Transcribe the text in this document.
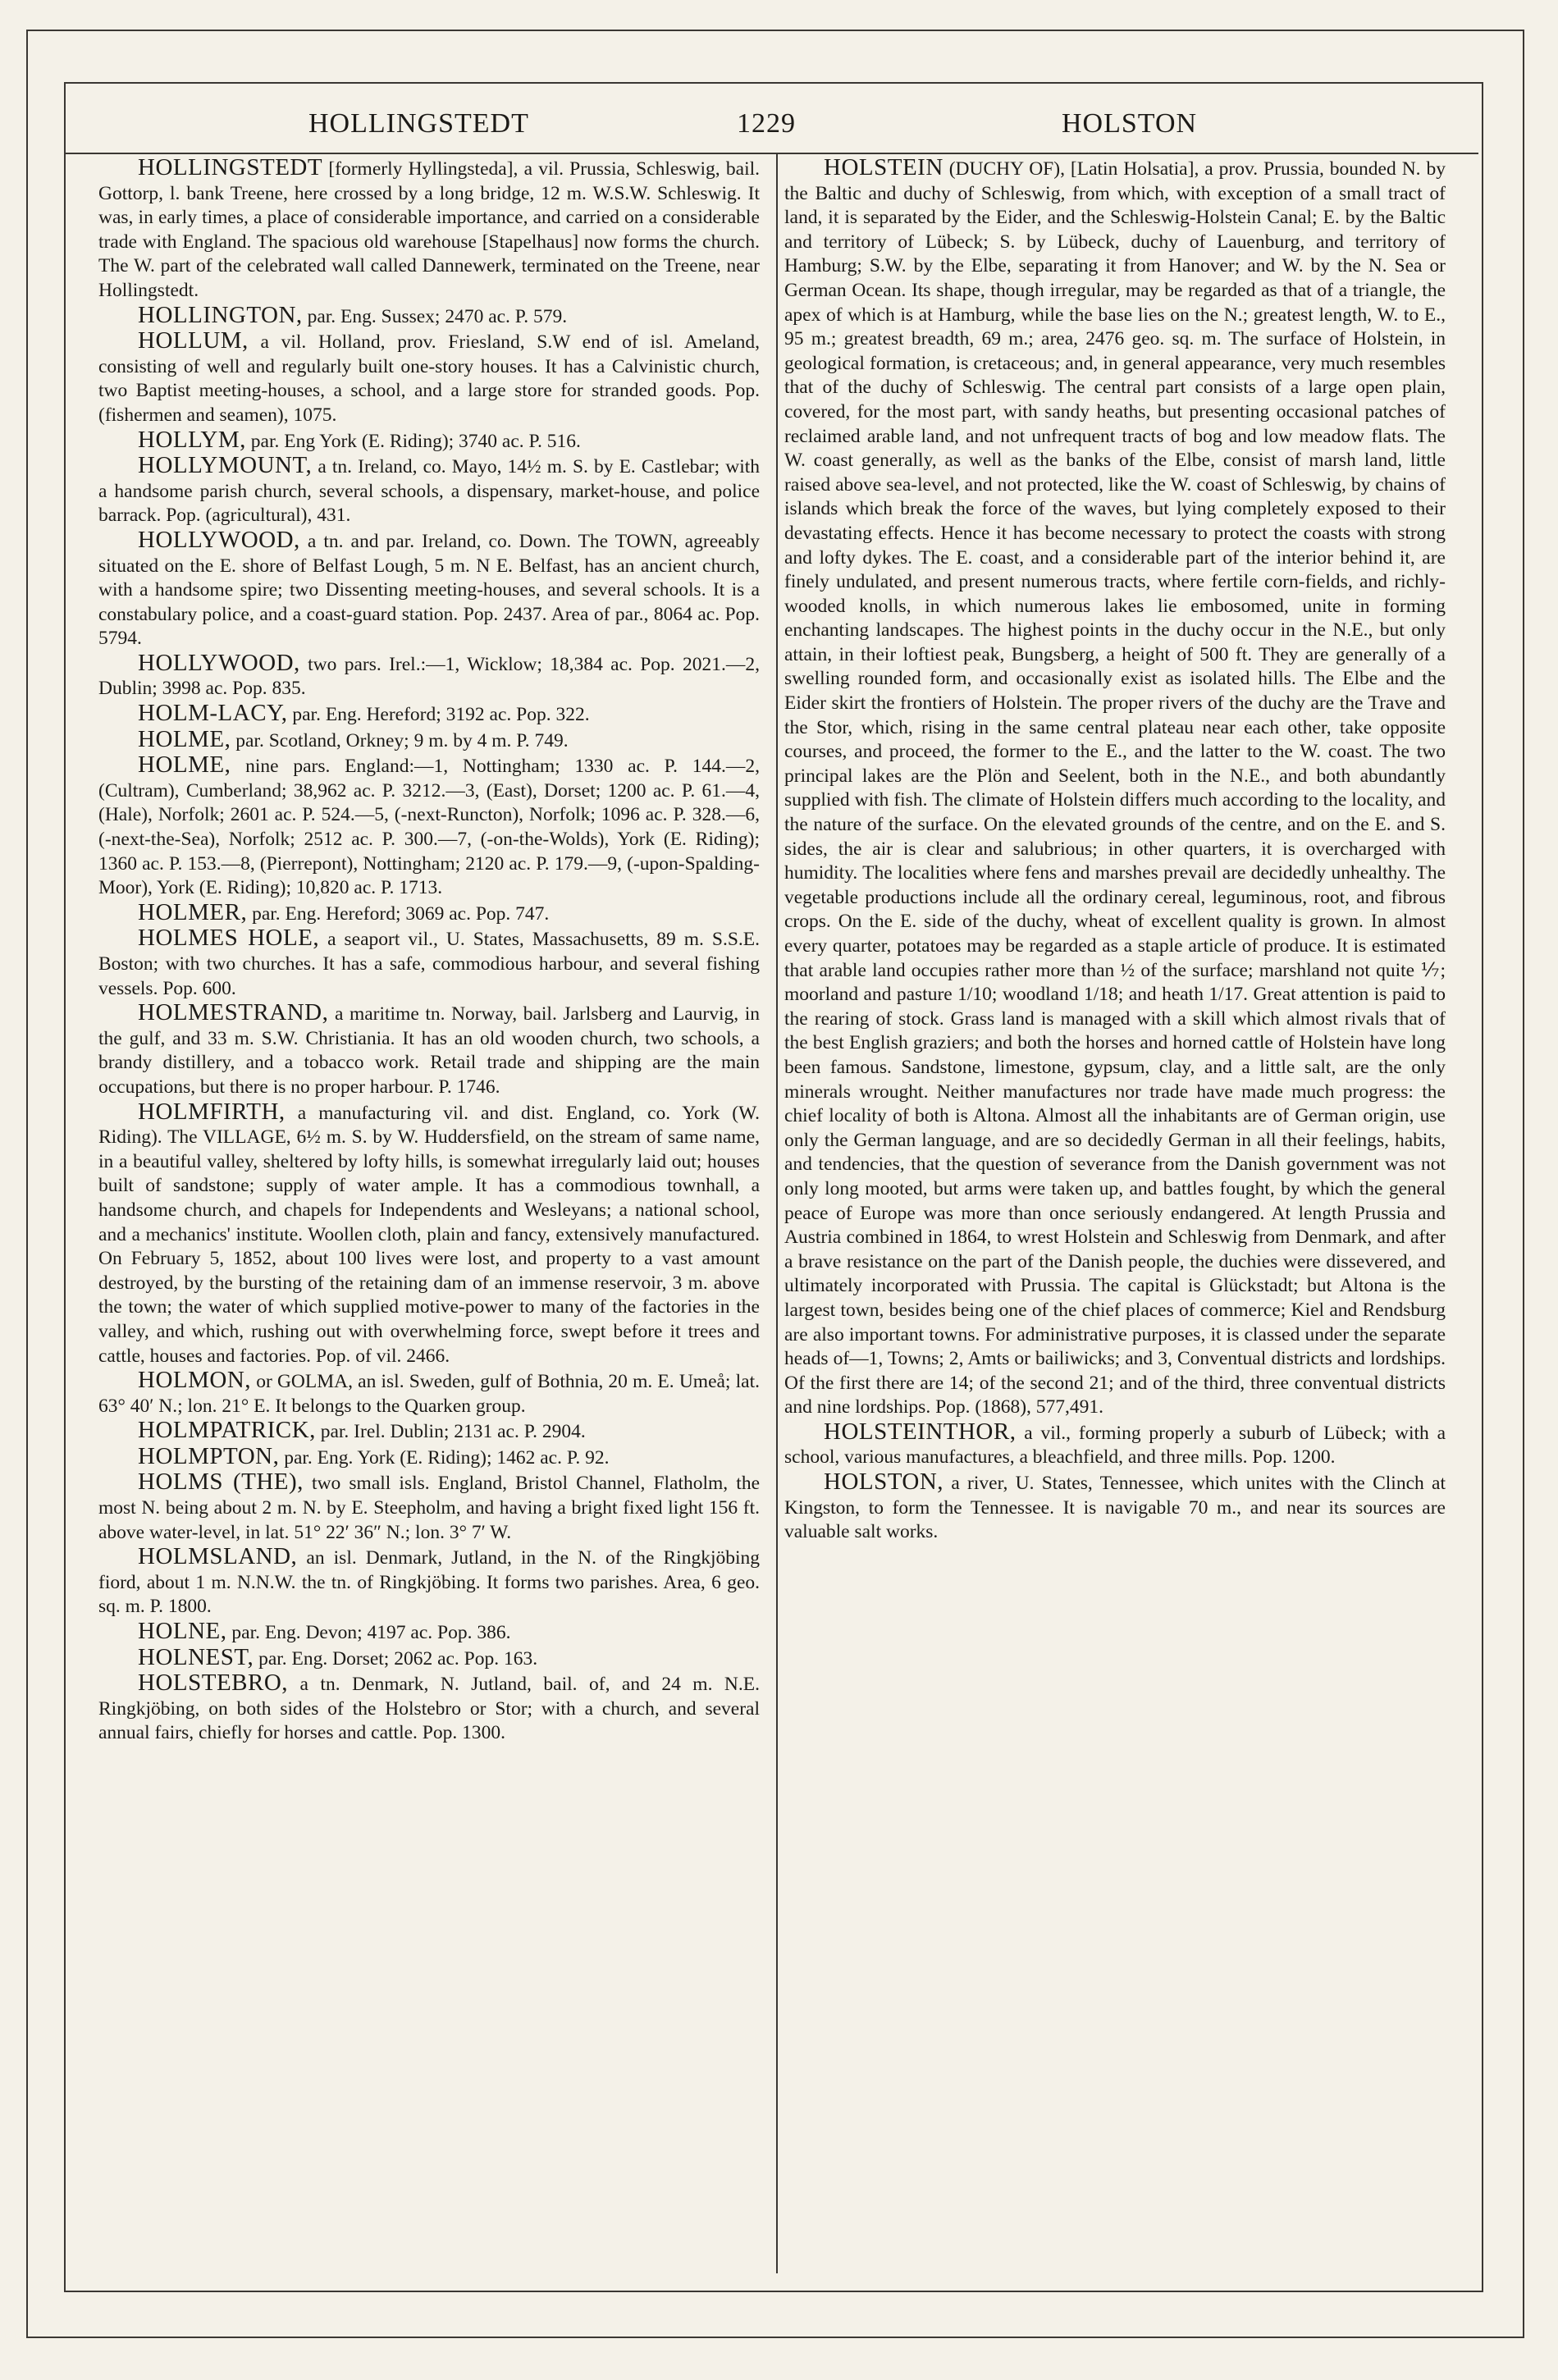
HOLLINGSTEDT	1229	HOLSTON

HOLLINGSTEDT [formerly Hyllingsteda], a vil. Prussia, Schleswig, bail. Gottorp, l. bank Treene, here crossed by a long bridge, 12 m. W.S.W. Schleswig. It was, in early times, a place of considerable importance, and carried on a considerable trade with England. The spacious old warehouse [Stapelhaus] now forms the church. The W. part of the celebrated wall called Dannewerk, terminated on the Treene, near Hollingstedt.

HOLLINGTON, par. Eng. Sussex; 2470 ac. P. 579.

HOLLUM, a vil. Holland, prov. Friesland, S.W end of isl. Ameland, consisting of well and regularly built one-story houses. It has a Calvinistic church, two Baptist meeting-houses, a school, and a large store for stranded goods. Pop. (fishermen and seamen), 1075.

HOLLYM, par. Eng York (E. Riding); 3740 ac. P. 516.

HOLLYMOUNT, a tn. Ireland, co. Mayo, 14½ m. S. by E. Castlebar; with a handsome parish church, several schools, a dispensary, market-house, and police barrack. Pop. (agricultural), 431.

HOLLYWOOD, a tn. and par. Ireland, co. Down. The TOWN, agreeably situated on the E. shore of Belfast Lough, 5 m. N E. Belfast, has an ancient church, with a handsome spire; two Dissenting meeting-houses, and several schools. It is a constabulary police, and a coast-guard station. Pop. 2437. Area of par., 8064 ac. Pop. 5794.

HOLLYWOOD, two pars. Irel.:—1, Wicklow; 18,384 ac. Pop. 2021.—2, Dublin; 3998 ac. Pop. 835.

HOLM-LACY, par. Eng. Hereford; 3192 ac. Pop. 322.

HOLME, par. Scotland, Orkney; 9 m. by 4 m. P. 749.

HOLME, nine pars. England:—1, Nottingham; 1330 ac. P. 144.—2, (Cultram), Cumberland; 38,962 ac. P. 3212.—3, (East), Dorset; 1200 ac. P. 61.—4, (Hale), Norfolk; 2601 ac. P. 524.—5, (-next-Runcton), Norfolk; 1096 ac. P. 328.—6, (-next-the-Sea), Norfolk; 2512 ac. P. 300.—7, (-on-the-Wolds), York (E. Riding); 1360 ac. P. 153.—8, (Pierrepont), Nottingham; 2120 ac. P. 179.—9, (-upon-Spalding-Moor), York (E. Riding); 10,820 ac. P. 1713.

HOLMER, par. Eng. Hereford; 3069 ac. Pop. 747.

HOLMES HOLE, a seaport vil., U. States, Massachusetts, 89 m. S.S.E. Boston; with two churches. It has a safe, commodious harbour, and several fishing vessels. Pop. 600.

HOLMESTRAND, a maritime tn. Norway, bail. Jarlsberg and Laurvig, in the gulf, and 33 m. S.W. Christiania. It has an old wooden church, two schools, a brandy distillery, and a tobacco work. Retail trade and shipping are the main occupations, but there is no proper harbour. P. 1746.

HOLMFIRTH, a manufacturing vil. and dist. England, co. York (W. Riding). The VILLAGE, 6½ m. S. by W. Huddersfield, on the stream of same name, in a beautiful valley, sheltered by lofty hills, is somewhat irregularly laid out; houses built of sandstone; supply of water ample. It has a commodious townhall, a handsome church, and chapels for Independents and Wesleyans; a national school, and a mechanics' institute. Woollen cloth, plain and fancy, extensively manufactured. On February 5, 1852, about 100 lives were lost, and property to a vast amount destroyed, by the bursting of the retaining dam of an immense reservoir, 3 m. above the town; the water of which supplied motive-power to many of the factories in the valley, and which, rushing out with overwhelming force, swept before it trees and cattle, houses and factories. Pop. of vil. 2466.

HOLMON, or GOLMA, an isl. Sweden, gulf of Bothnia, 20 m. E. Umeå; lat. 63° 40′ N.; lon. 21° E. It belongs to the Quarken group.

HOLMPATRICK, par. Irel. Dublin; 2131 ac. P. 2904.

HOLMPTON, par. Eng. York (E. Riding); 1462 ac. P. 92.

HOLMS (THE), two small isls. England, Bristol Channel, Flatholm, the most N. being about 2 m. N. by E. Steepholm, and having a bright fixed light 156 ft. above water-level, in lat. 51° 22′ 36″ N.; lon. 3° 7′ W.

HOLMSLAND, an isl. Denmark, Jutland, in the N. of the Ringkjöbing fiord, about 1 m. N.N.W. the tn. of Ringkjöbing. It forms two parishes. Area, 6 geo. sq. m. P. 1800.

HOLNE, par. Eng. Devon; 4197 ac. Pop. 386.

HOLNEST, par. Eng. Dorset; 2062 ac. Pop. 163.

HOLSTEBRO, a tn. Denmark, N. Jutland, bail. of, and 24 m. N.E. Ringkjöbing, on both sides of the Holstebro or Stor; with a church, and several annual fairs, chiefly for horses and cattle. Pop. 1300.

HOLSTEIN (DUCHY OF), [Latin Holsatia], a prov. Prussia, bounded N. by the Baltic and duchy of Schleswig, from which, with exception of a small tract of land, it is separated by the Eider, and the Schleswig-Holstein Canal; E. by the Baltic and territory of Lübeck; S. by Lübeck, duchy of Lauenburg, and territory of Hamburg; S.W. by the Elbe, separating it from Hanover; and W. by the N. Sea or German Ocean. Its shape, though irregular, may be regarded as that of a triangle, the apex of which is at Hamburg, while the base lies on the N.; greatest length, W. to E., 95 m.; greatest breadth, 69 m.; area, 2476 geo. sq. m. The surface of Holstein, in geological formation, is cretaceous; and, in general appearance, very much resembles that of the duchy of Schleswig. The central part consists of a large open plain, covered, for the most part, with sandy heaths, but presenting occasional patches of reclaimed arable land, and not unfrequent tracts of bog and low meadow flats. The W. coast generally, as well as the banks of the Elbe, consist of marsh land, little raised above sea-level, and not protected, like the W. coast of Schleswig, by chains of islands which break the force of the waves, but lying completely exposed to their devastating effects. Hence it has become necessary to protect the coasts with strong and lofty dykes. The E. coast, and a considerable part of the interior behind it, are finely undulated, and present numerous tracts, where fertile corn-fields, and richly-wooded knolls, in which numerous lakes lie embosomed, unite in forming enchanting landscapes. The highest points in the duchy occur in the N.E., but only attain, in their loftiest peak, Bungsberg, a height of 500 ft. They are generally of a swelling rounded form, and occasionally exist as isolated hills. The Elbe and the Eider skirt the frontiers of Holstein. The proper rivers of the duchy are the Trave and the Stor, which, rising in the same central plateau near each other, take opposite courses, and proceed, the former to the E., and the latter to the W. coast. The two principal lakes are the Plön and Seelent, both in the N.E., and both abundantly supplied with fish. The climate of Holstein differs much according to the locality, and the nature of the surface. On the elevated grounds of the centre, and on the E. and S. sides, the air is clear and salubrious; in other quarters, it is overcharged with humidity. The localities where fens and marshes prevail are decidedly unhealthy. The vegetable productions include all the ordinary cereal, leguminous, root, and fibrous crops. On the E. side of the duchy, wheat of excellent quality is grown. In almost every quarter, potatoes may be regarded as a staple article of produce. It is estimated that arable land occupies rather more than ½ of the surface; marshland not quite ⅐; moorland and pasture 1/10; woodland 1/18; and heath 1/17. Great attention is paid to the rearing of stock. Grass land is managed with a skill which almost rivals that of the best English graziers; and both the horses and horned cattle of Holstein have long been famous. Sandstone, limestone, gypsum, clay, and a little salt, are the only minerals wrought. Neither manufactures nor trade have made much progress: the chief locality of both is Altona. Almost all the inhabitants are of German origin, use only the German language, and are so decidedly German in all their feelings, habits, and tendencies, that the question of severance from the Danish government was not only long mooted, but arms were taken up, and battles fought, by which the general peace of Europe was more than once seriously endangered. At length Prussia and Austria combined in 1864, to wrest Holstein and Schleswig from Denmark, and after a brave resistance on the part of the Danish people, the duchies were dissevered, and ultimately incorporated with Prussia. The capital is Glückstadt; but Altona is the largest town, besides being one of the chief places of commerce; Kiel and Rendsburg are also important towns. For administrative purposes, it is classed under the separate heads of—1, Towns; 2, Amts or bailiwicks; and 3, Conventual districts and lordships. Of the first there are 14; of the second 21; and of the third, three conventual districts and nine lordships. Pop. (1868), 577,491.

HOLSTEINTHOR, a vil., forming properly a suburb of Lübeck; with a school, various manufactures, a bleachfield, and three mills. Pop. 1200.

HOLSTON, a river, U. States, Tennessee, which unites with the Clinch at Kingston, to form the Tennessee. It is navigable 70 m., and near its sources are valuable salt works.
